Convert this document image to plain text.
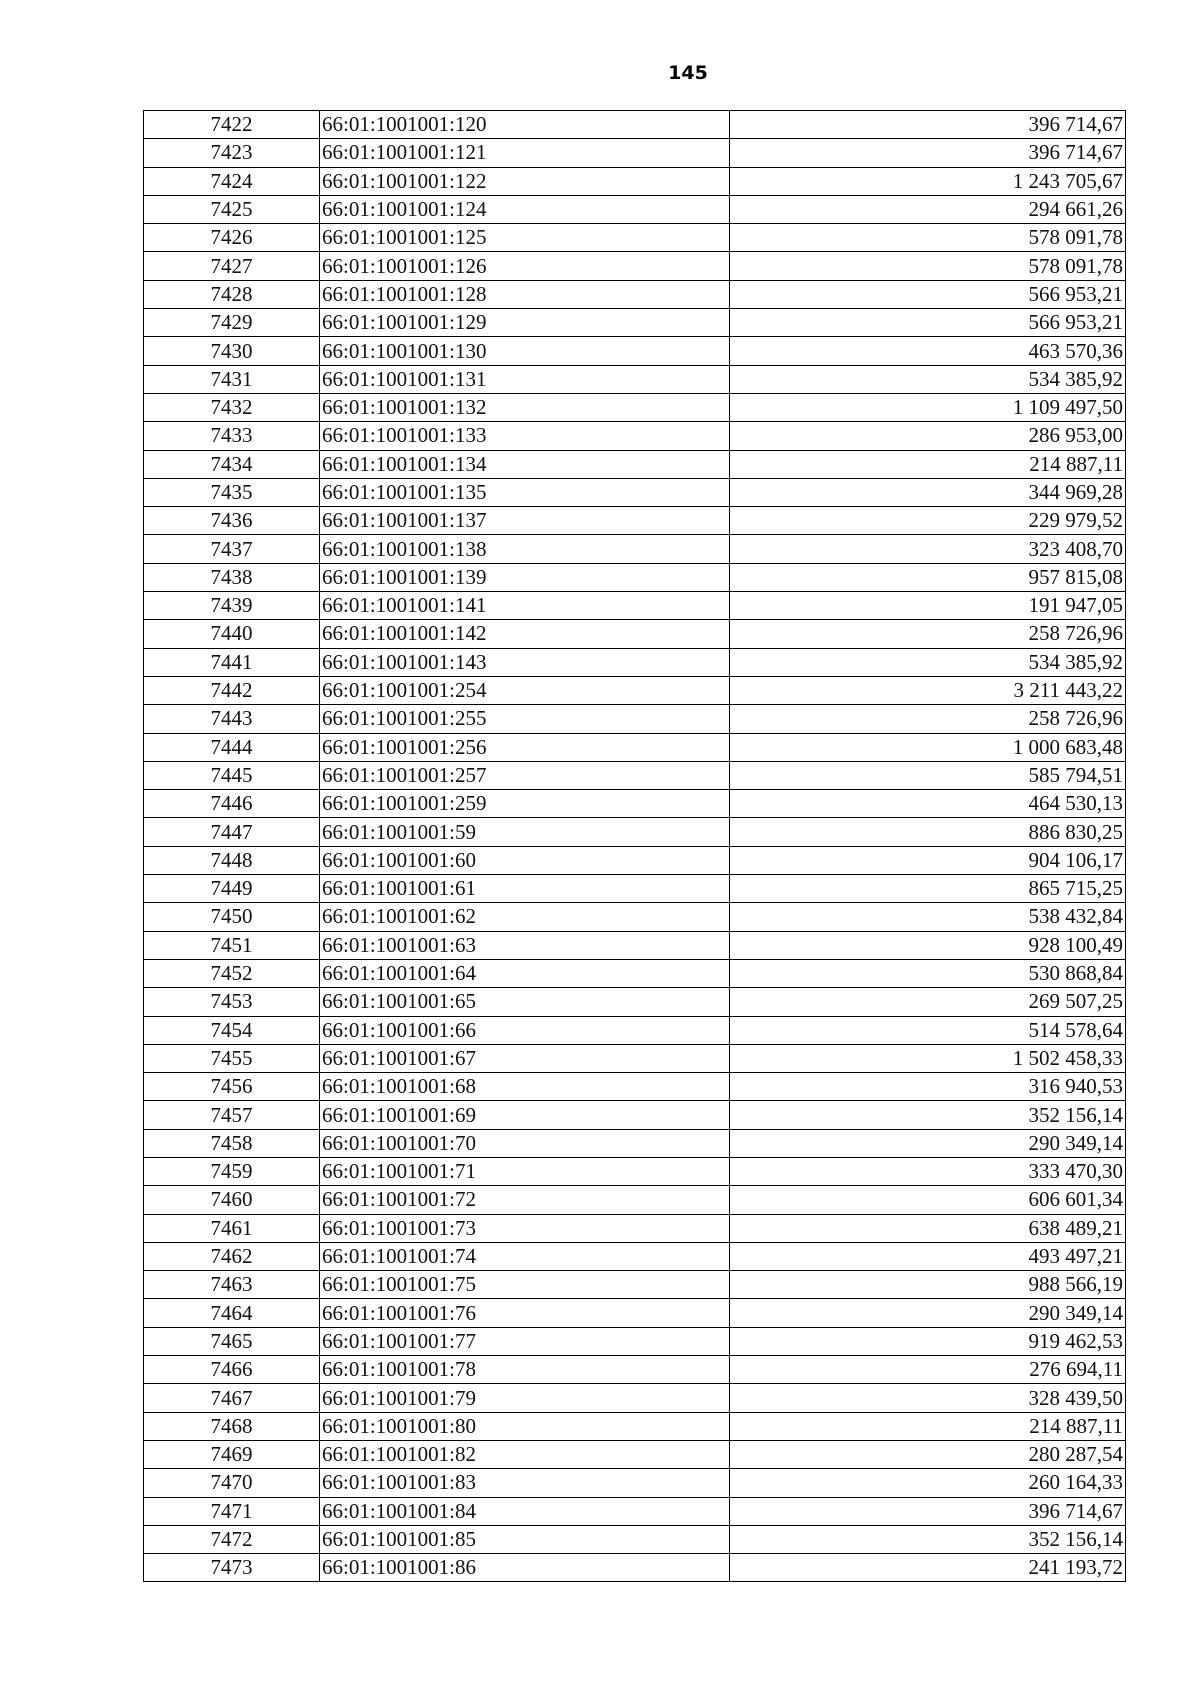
145
7422	66:01:1001001:120	396 714,67
7423	66:01:1001001:121	396 714,67
7424	66:01:1001001:122	1 243 705,67
7425	66:01:1001001:124	294 661,26
7426	66:01:1001001:125	578 091,78
7427	66:01:1001001:126	578 091,78
7428	66:01:1001001:128	566 953,21
7429	66:01:1001001:129	566 953,21
7430	66:01:1001001:130	463 570,36
7431	66:01:1001001:131	534 385,92
7432	66:01:1001001:132	1 109 497,50
7433	66:01:1001001:133	286 953,00
7434	66:01:1001001:134	214 887,11
7435	66:01:1001001:135	344 969,28
7436	66:01:1001001:137	229 979,52
7437	66:01:1001001:138	323 408,70
7438	66:01:1001001:139	957 815,08
7439	66:01:1001001:141	191 947,05
7440	66:01:1001001:142	258 726,96
7441	66:01:1001001:143	534 385,92
7442	66:01:1001001:254	3 211 443,22
7443	66:01:1001001:255	258 726,96
7444	66:01:1001001:256	1 000 683,48
7445	66:01:1001001:257	585 794,51
7446	66:01:1001001:259	464 530,13
7447	66:01:1001001:59	886 830,25
7448	66:01:1001001:60	904 106,17
7449	66:01:1001001:61	865 715,25
7450	66:01:1001001:62	538 432,84
7451	66:01:1001001:63	928 100,49
7452	66:01:1001001:64	530 868,84
7453	66:01:1001001:65	269 507,25
7454	66:01:1001001:66	514 578,64
7455	66:01:1001001:67	1 502 458,33
7456	66:01:1001001:68	316 940,53
7457	66:01:1001001:69	352 156,14
7458	66:01:1001001:70	290 349,14
7459	66:01:1001001:71	333 470,30
7460	66:01:1001001:72	606 601,34
7461	66:01:1001001:73	638 489,21
7462	66:01:1001001:74	493 497,21
7463	66:01:1001001:75	988 566,19
7464	66:01:1001001:76	290 349,14
7465	66:01:1001001:77	919 462,53
7466	66:01:1001001:78	276 694,11
7467	66:01:1001001:79	328 439,50
7468	66:01:1001001:80	214 887,11
7469	66:01:1001001:82	280 287,54
7470	66:01:1001001:83	260 164,33
7471	66:01:1001001:84	396 714,67
7472	66:01:1001001:85	352 156,14
7473	66:01:1001001:86	241 193,72
